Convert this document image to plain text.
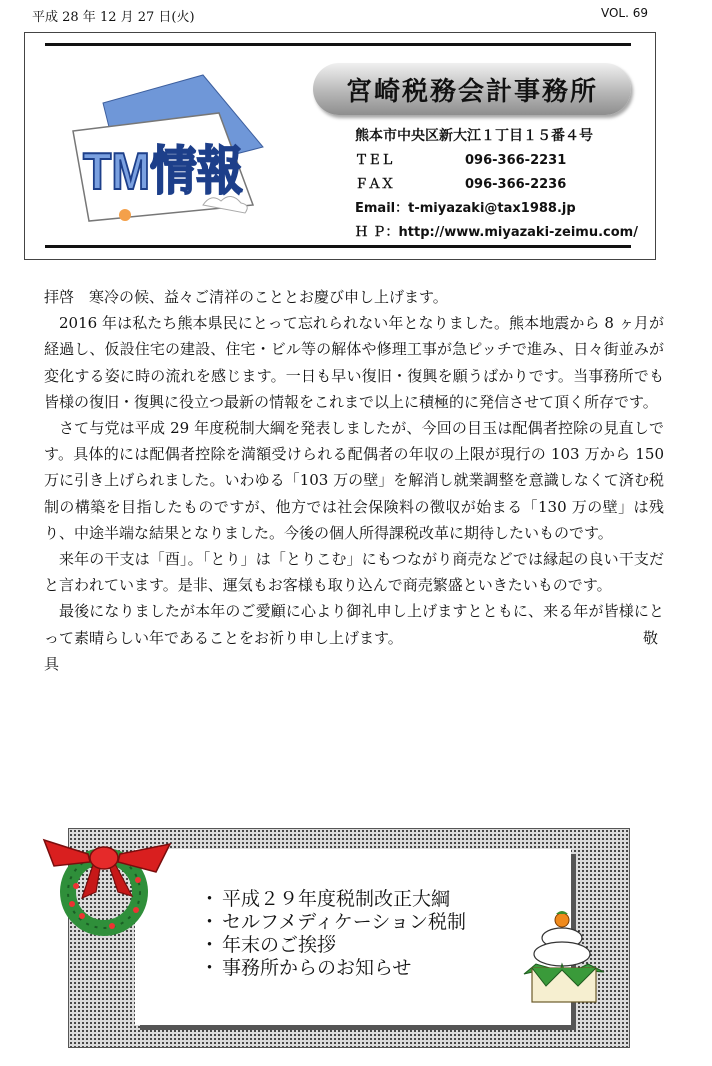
平成 28 年 12 月 27 日(火)	VOL. 69
TM情報
宮崎税務会計事務所
熊本市中央区新大江１丁目１５番４号
ＴＥＬ	096-366-2231
ＦＡＸ	096-366-2236
Email：t-miyazaki@tax1988.jp
Ｈ Ｐ：http://www.miyazaki-zeimu.com/

拝啓　寒冷の候、益々ご清祥のこととお慶び申し上げます。

2016 年は私たち熊本県民にとって忘れられない年となりました。熊本地震から 8 ヶ月が経過し、仮設住宅の建設、住宅・ビル等の解体や修理工事が急ピッチで進み、日々街並みが変化する姿に時の流れを感じます。一日も早い復旧・復興を願うばかりです。当事務所でも皆様の復旧・復興に役立つ最新の情報をこれまで以上に積極的に発信させて頂く所存です。

さて与党は平成 29 年度税制大綱を発表しましたが、今回の目玉は配偶者控除の見直しです。具体的には配偶者控除を満額受けられる配偶者の年収の上限が現行の 103 万から 150 万に引き上げられました。いわゆる「103 万の壁」を解消し就業調整を意識しなくて済む税制の構築を目指したものですが、他方では社会保険料の徴収が始まる「130 万の壁」は残り、中途半端な結果となりました。今後の個人所得課税改革に期待したいものです。

来年の干支は「酉」。「とり」は「とりこむ」にもつながり商売などでは縁起の良い干支だと言われています。是非、運気もお客様も取り込んで商売繁盛といきたいものです。

最後になりましたが本年のご愛顧に心より御礼申し上げますとともに、来る年が皆様にとって素晴らしい年であることをお祈り申し上げます。	敬

具

・ 平成２９年度税制改正大綱
・ セルフメディケーション税制
・ 年末のご挨拶
・ 事務所からのお知らせ
